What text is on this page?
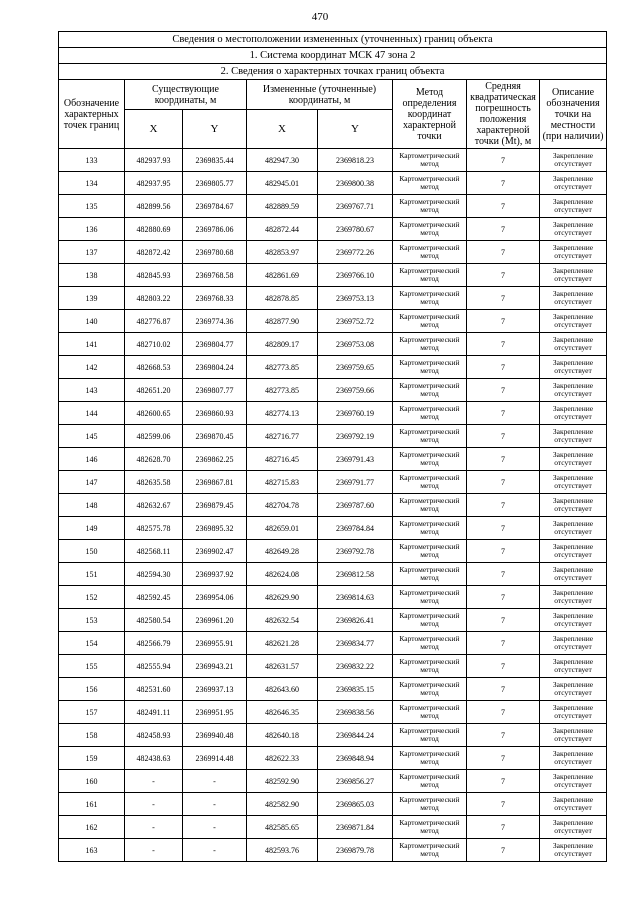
470
Сведения о местоположении измененных (уточненных) границ объекта							
1. Система координат МСК 47 зона 2							
2. Сведения о характерных точках границ объекта							
Обозначение характерных точек границ	Существующие координаты, м		Измененные (уточненные) координаты, м		Метод определения координат характерной точки	Средняя квадратическая погрешность положения характерной точки (Mt), м	Описание обозначения точки на местности (при наличии)
	X	Y	X	Y			
133	482937.93	2369835.44	482947.30	2369818.23	Картометрический метод	7	Закрепление отсутствует
134	482937.95	2369805.77	482945.01	2369800.38	Картометрический метод	7	Закрепление отсутствует
135	482899.56	2369784.67	482889.59	2369767.71	Картометрический метод	7	Закрепление отсутствует
136	482880.69	2369786.06	482872.44	2369780.67	Картометрический метод	7	Закрепление отсутствует
137	482872.42	2369780.68	482853.97	2369772.26	Картометрический метод	7	Закрепление отсутствует
138	482845.93	2369768.58	482861.69	2369766.10	Картометрический метод	7	Закрепление отсутствует
139	482803.22	2369768.33	482878.85	2369753.13	Картометрический метод	7	Закрепление отсутствует
140	482776.87	2369774.36	482877.90	2369752.72	Картометрический метод	7	Закрепление отсутствует
141	482710.02	2369804.77	482809.17	2369753.08	Картометрический метод	7	Закрепление отсутствует
142	482668.53	2369804.24	482773.85	2369759.65	Картометрический метод	7	Закрепление отсутствует
143	482651.20	2369807.77	482773.85	2369759.66	Картометрический метод	7	Закрепление отсутствует
144	482600.65	2369860.93	482774.13	2369760.19	Картометрический метод	7	Закрепление отсутствует
145	482599.06	2369870.45	482716.77	2369792.19	Картометрический метод	7	Закрепление отсутствует
146	482628.70	2369862.25	482716.45	2369791.43	Картометрический метод	7	Закрепление отсутствует
147	482635.58	2369867.81	482715.83	2369791.77	Картометрический метод	7	Закрепление отсутствует
148	482632.67	2369879.45	482704.78	2369787.60	Картометрический метод	7	Закрепление отсутствует
149	482575.78	2369895.32	482659.01	2369784.84	Картометрический метод	7	Закрепление отсутствует
150	482568.11	2369902.47	482649.28	2369792.78	Картометрический метод	7	Закрепление отсутствует
151	482594.30	2369937.92	482624.08	2369812.58	Картометрический метод	7	Закрепление отсутствует
152	482592.45	2369954.06	482629.90	2369814.63	Картометрический метод	7	Закрепление отсутствует
153	482580.54	2369961.20	482632.54	2369826.41	Картометрический метод	7	Закрепление отсутствует
154	482566.79	2369955.91	482621.28	2369834.77	Картометрический метод	7	Закрепление отсутствует
155	482555.94	2369943.21	482631.57	2369832.22	Картометрический метод	7	Закрепление отсутствует
156	482531.60	2369937.13	482643.60	2369835.15	Картометрический метод	7	Закрепление отсутствует
157	482491.11	2369951.95	482646.35	2369838.56	Картометрический метод	7	Закрепление отсутствует
158	482458.93	2369940.48	482640.18	2369844.24	Картометрический метод	7	Закрепление отсутствует
159	482438.63	2369914.48	482622.33	2369848.94	Картометрический метод	7	Закрепление отсутствует
160	-	-	482592.90	2369856.27	Картометрический метод	7	Закрепление отсутствует
161	-	-	482582.90	2369865.03	Картометрический метод	7	Закрепление отсутствует
162	-	-	482585.65	2369871.84	Картометрический метод	7	Закрепление отсутствует
163	-	-	482593.76	2369879.78	Картометрический метод	7	Закрепление отсутствует
